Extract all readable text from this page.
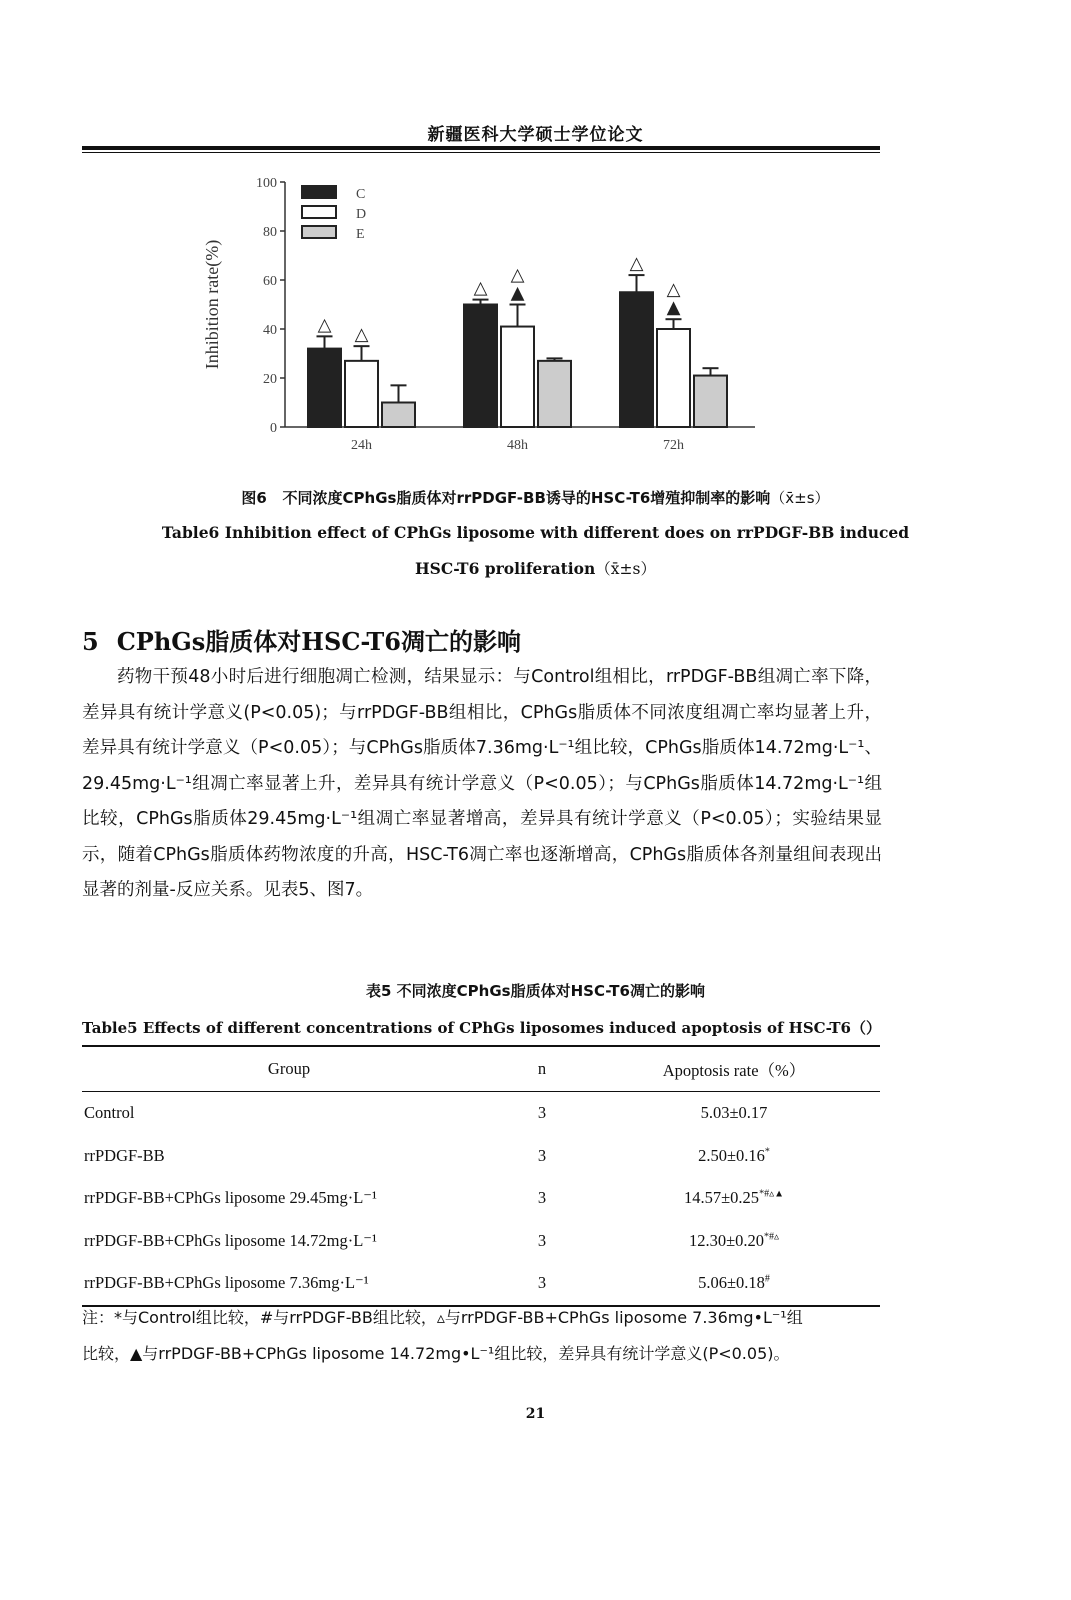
新疆医科大学硕士学位论文
0
20
40
60
80
100
Inhibition rate(%)	△ △
24h
△
△
▲
48h
△
△
▲
72h
C
D
E
图6 不同浓度CPhGs脂质体对rrPDGF-BB诱导的HSC-T6增殖抑制率的影响（x̄±s）
Table6 Inhibition effect of CPhGs liposome with different does on rrPDGF-BB induced
HSC-T6 proliferation（x̄±s）
5 CPhGs脂质体对HSC-T6凋亡的影响

药物干预48小时后进行细胞凋亡检测，结果显示：与Control组相比，rrPDGF-BB组凋亡率下降，差异具有统计学意义(P<0.05)；与rrPDGF-BB组相比，CPhGs脂质体不同浓度组凋亡率均显著上升，差异具有统计学意义（P<0.05）；与CPhGs脂质体7.36mg·L⁻¹组比较，CPhGs脂质体14.72mg·L⁻¹、29.45mg·L⁻¹组凋亡率显著上升，差异具有统计学意义（P<0.05）；与CPhGs脂质体14.72mg·L⁻¹组比较，CPhGs脂质体29.45mg·L⁻¹组凋亡率显著增高，差异具有统计学意义（P<0.05）；实验结果显示，随着CPhGs脂质体药物浓度的升高，HSC-T6凋亡率也逐渐增高，CPhGs脂质体各剂量组间表现出显著的剂量-反应关系。见表5、图7。

表5 不同浓度CPhGs脂质体对HSC-T6凋亡的影响
Table5 Effects of different concentrations of CPhGs liposomes induced apoptosis of HSC-T6（）
Group	n	Apoptosis rate（%）
Control	3	5.03±0.17
rrPDGF-BB	3	2.50±0.16*
rrPDGF-BB+CPhGs liposome 29.45mg·L⁻¹	3	14.57±0.25*#▵▲
rrPDGF-BB+CPhGs liposome 14.72mg·L⁻¹	3	12.30±0.20*#▵
rrPDGF-BB+CPhGs liposome 7.36mg·L⁻¹	3	5.06±0.18#

注：*与Control组比较，#与rrPDGF-BB组比较，▵与rrPDGF-BB+CPhGs liposome 7.36mg•L⁻¹组

比较，▲与rrPDGF-BB+CPhGs liposome 14.72mg•L⁻¹组比较，差异具有统计学意义(P<0.05)。

21
